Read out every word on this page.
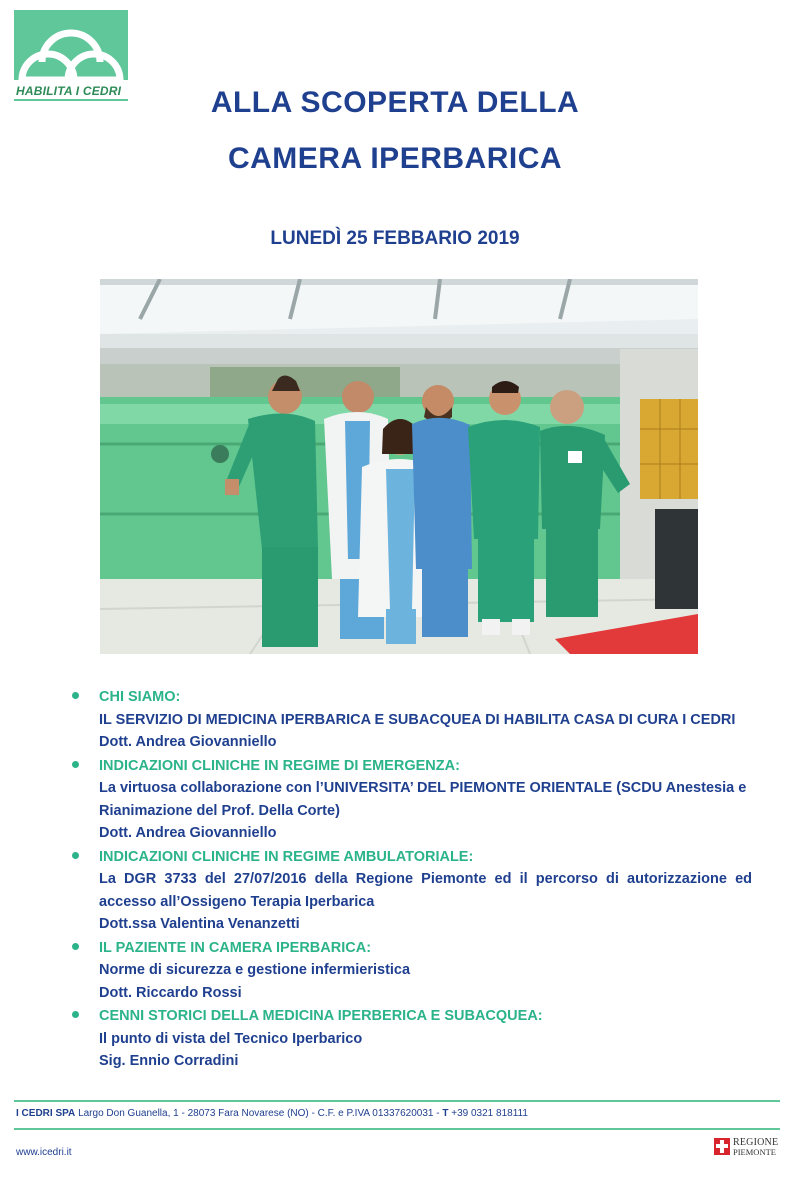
HABILITA I CEDRI	ALLA SCOPERTA DELLA
CAMERA IPERBARICA
LUNEDÌ 25 FEBBARIO 2019
CHI SIAMO:
IL SERVIZIO DI MEDICINA IPERBARICA E SUBACQUEA DI HABILITA CASA DI CURA I CEDRI
Dott. Andrea Giovanniello
INDICAZIONI CLINICHE IN REGIME DI EMERGENZA:
La virtuosa collaborazione con l’UNIVERSITA’ DEL PIEMONTE ORIENTALE (SCDU Anestesia e Rianimazione del Prof. Della Corte)
Dott. Andrea Giovanniello
INDICAZIONI CLINICHE IN REGIME AMBULATORIALE:
La DGR 3733 del 27/07/2016 della Regione Piemonte ed il percorso di autorizzazione ed accesso all’Ossigeno Terapia Iperbarica
Dott.ssa Valentina Venanzetti
IL PAZIENTE IN CAMERA IPERBARICA:
Norme di sicurezza e gestione infermieristica
Dott. Riccardo Rossi
CENNI STORICI DELLA MEDICINA IPERBERICA E SUBACQUEA:
Il punto di vista del Tecnico Iperbarico
Sig. Ennio Corradini
I CEDRI SPA Largo Don Guanella, 1 - 28073 Fara Novarese (NO) - C.F. e P.IVA 01337620031 - T +39 0321 818111
www.icedri.it
REGIONE
PIEMONTE
